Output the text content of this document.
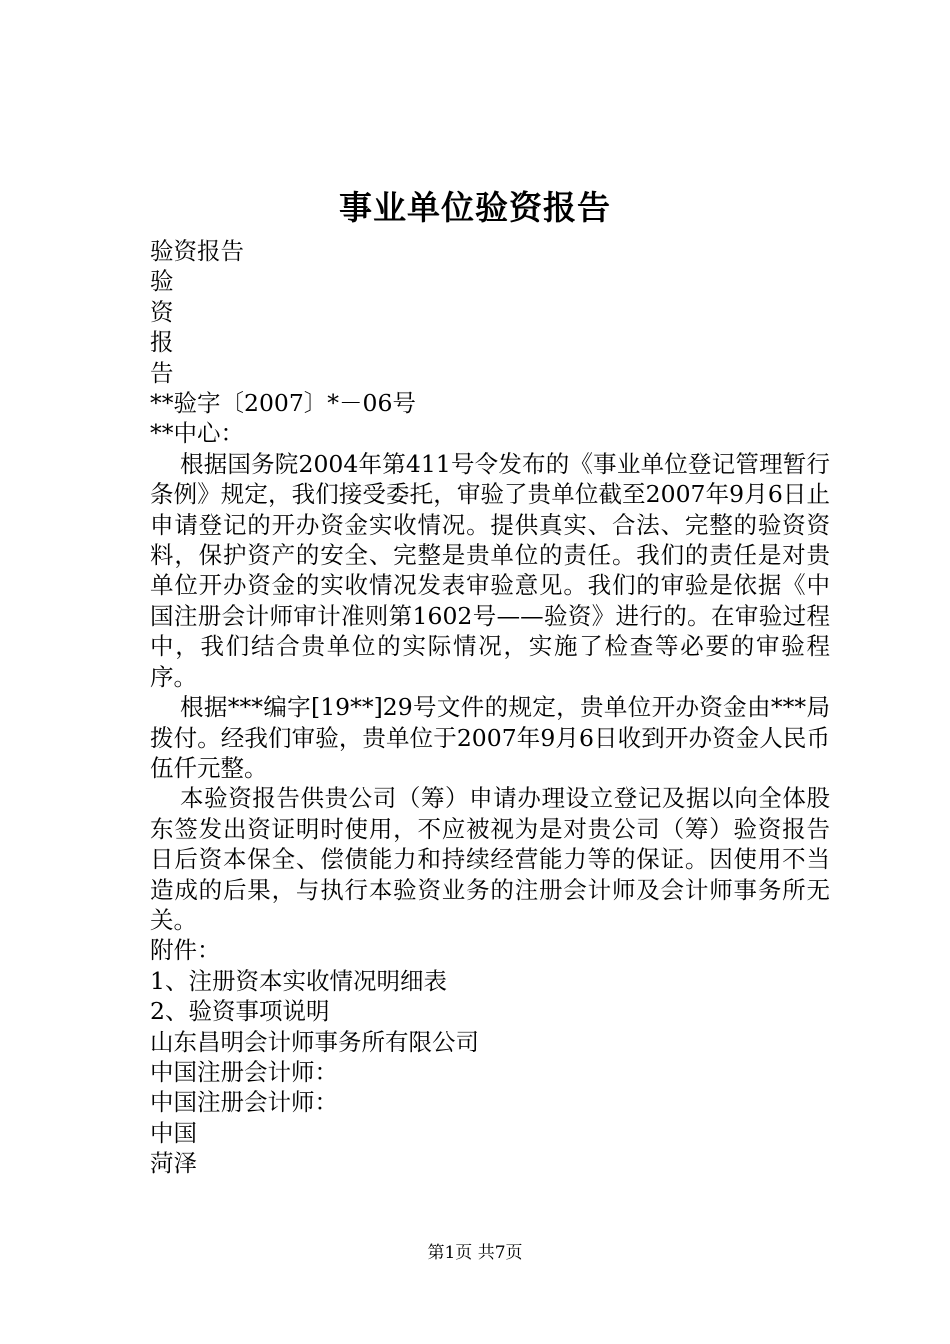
事业单位验资报告

验资报告

验

资

报

告

**验字〔2007〕*－06号

**中心：

根据国务院2004年第411号令发布的《事业单位登记管理暂行条例》规定，我们接受委托，审验了贵单位截至2007年9月6日止申请登记的开办资金实收情况。提供真实、合法、完整的验资资料，保护资产的安全、完整是贵单位的责任。我们的责任是对贵单位开办资金的实收情况发表审验意见。我们的审验是依据《中国注册会计师审计准则第1602号——验资》进行的。在审验过程中，我们结合贵单位的实际情况，实施了检查等必要的审验程序。

根据***编字[19**]29号文件的规定，贵单位开办资金由***局拨付。经我们审验，贵单位于2007年9月6日收到开办资金人民币伍仟元整。

本验资报告供贵公司（筹）申请办理设立登记及据以向全体股东签发出资证明时使用，不应被视为是对贵公司（筹）验资报告日后资本保全、偿债能力和持续经营能力等的保证。因使用不当造成的后果，与执行本验资业务的注册会计师及会计师事务所无关。

附件：

1、注册资本实收情况明细表

2、验资事项说明

山东昌明会计师事务所有限公司

中国注册会计师：

中国注册会计师：

中国

菏泽

第1页 共7页
